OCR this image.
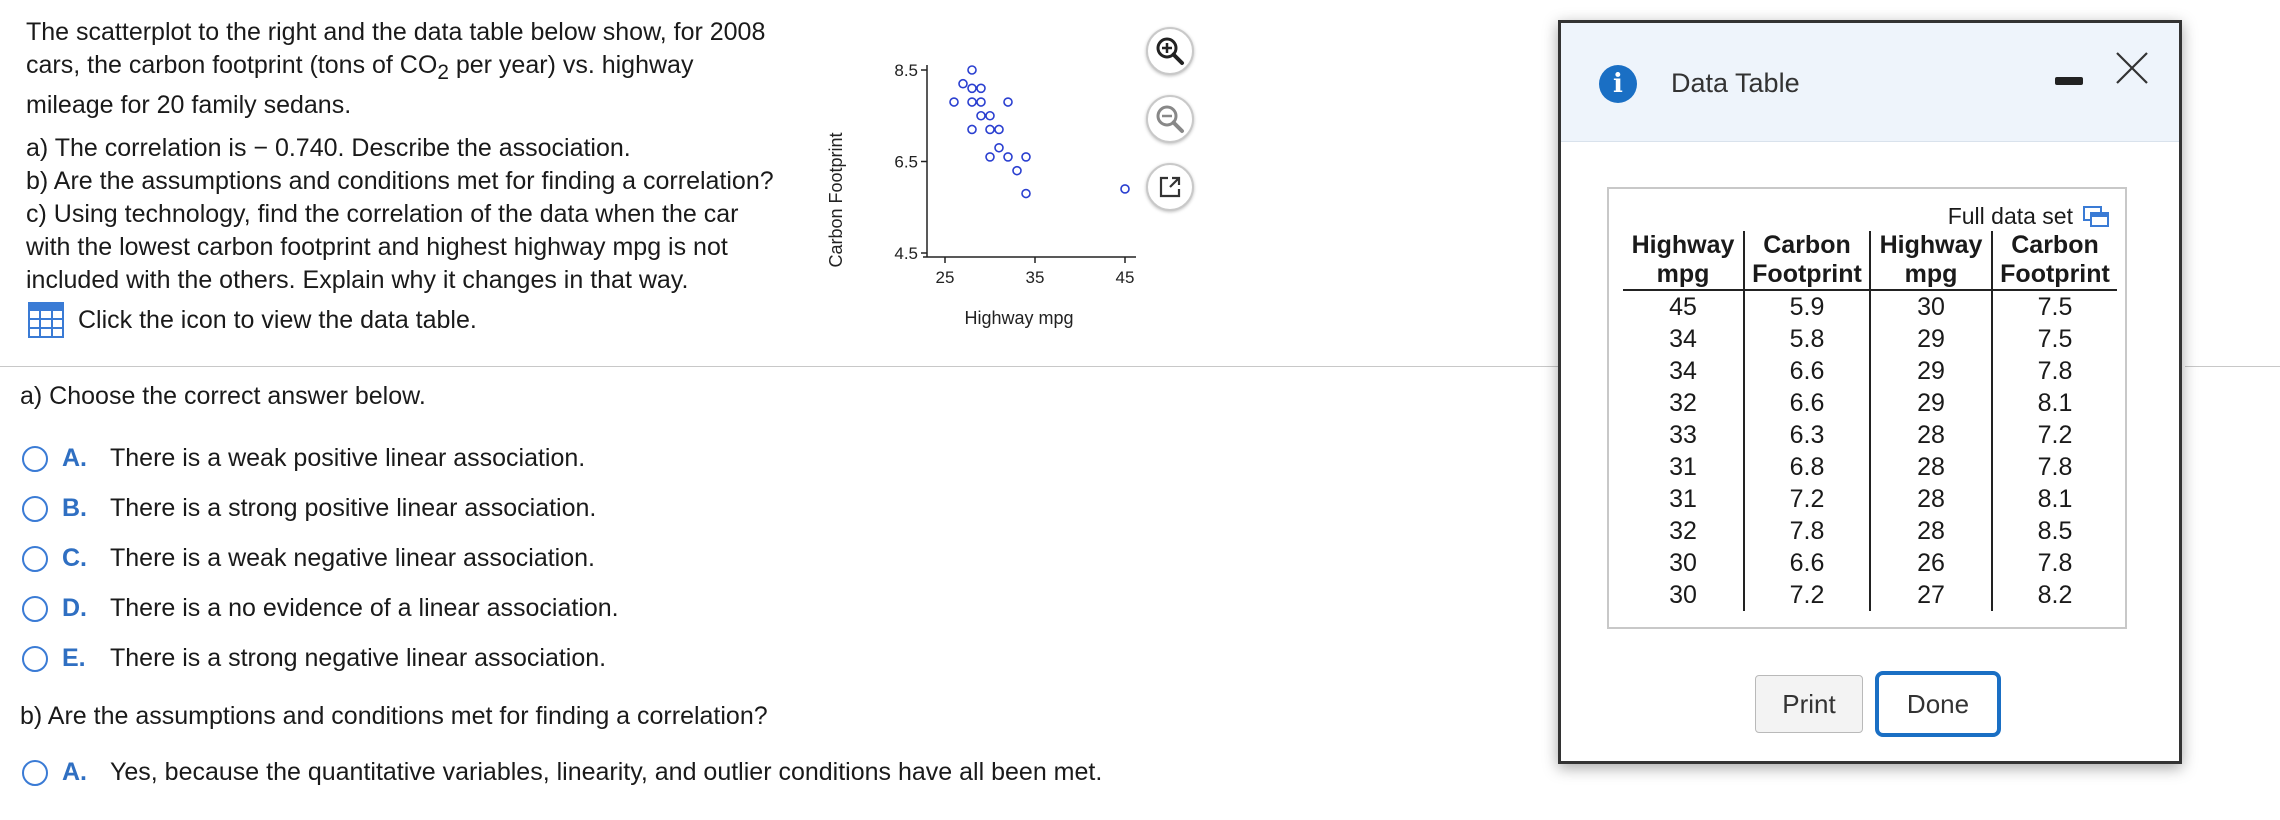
The scatterplot to the right and the data table below show, for 2008

cars, the carbon footprint (tons of $CO_2$ per year) vs. highway

mileage for 20 family sedans.

a) The correlation is − 0.740. Describe the association.

b) Are the assumptions and conditions met for finding a correlation?

c) Using technology, find the correlation of the data when the car

with the lowest carbon footprint and highest highway mpg is not

included with the others. Explain why it changes in that way.

Click the icon to view the data table.
Carbon Footprint	4.5
6.5
8.5
25	35	45
Highway mpg
a) Choose the correct answer below.
A. There is a weak positive linear association.
B. There is a strong positive linear association.
C. There is a weak negative linear association.
D. There is a no evidence of a linear association.
E. There is a strong negative linear association.
b) Are the assumptions and conditions met for finding a correlation?
A. Yes, because the quantitative variables, linearity, and outlier conditions have all been met.
i	Data Table
Full data set
Highway
mpg	Carbon
Footprint	Highway
mpg	Carbon
Footprint
45	5.9	30	7.5
34	5.8	29	7.5
34	6.6	29	7.8
32	6.6	29	8.1
33	6.3	28	7.2
31	6.8	28	7.8
31	7.2	28	8.1
32	7.8	28	8.5
30	6.6	26	7.8
30	7.2	27	8.2
Print	Done
